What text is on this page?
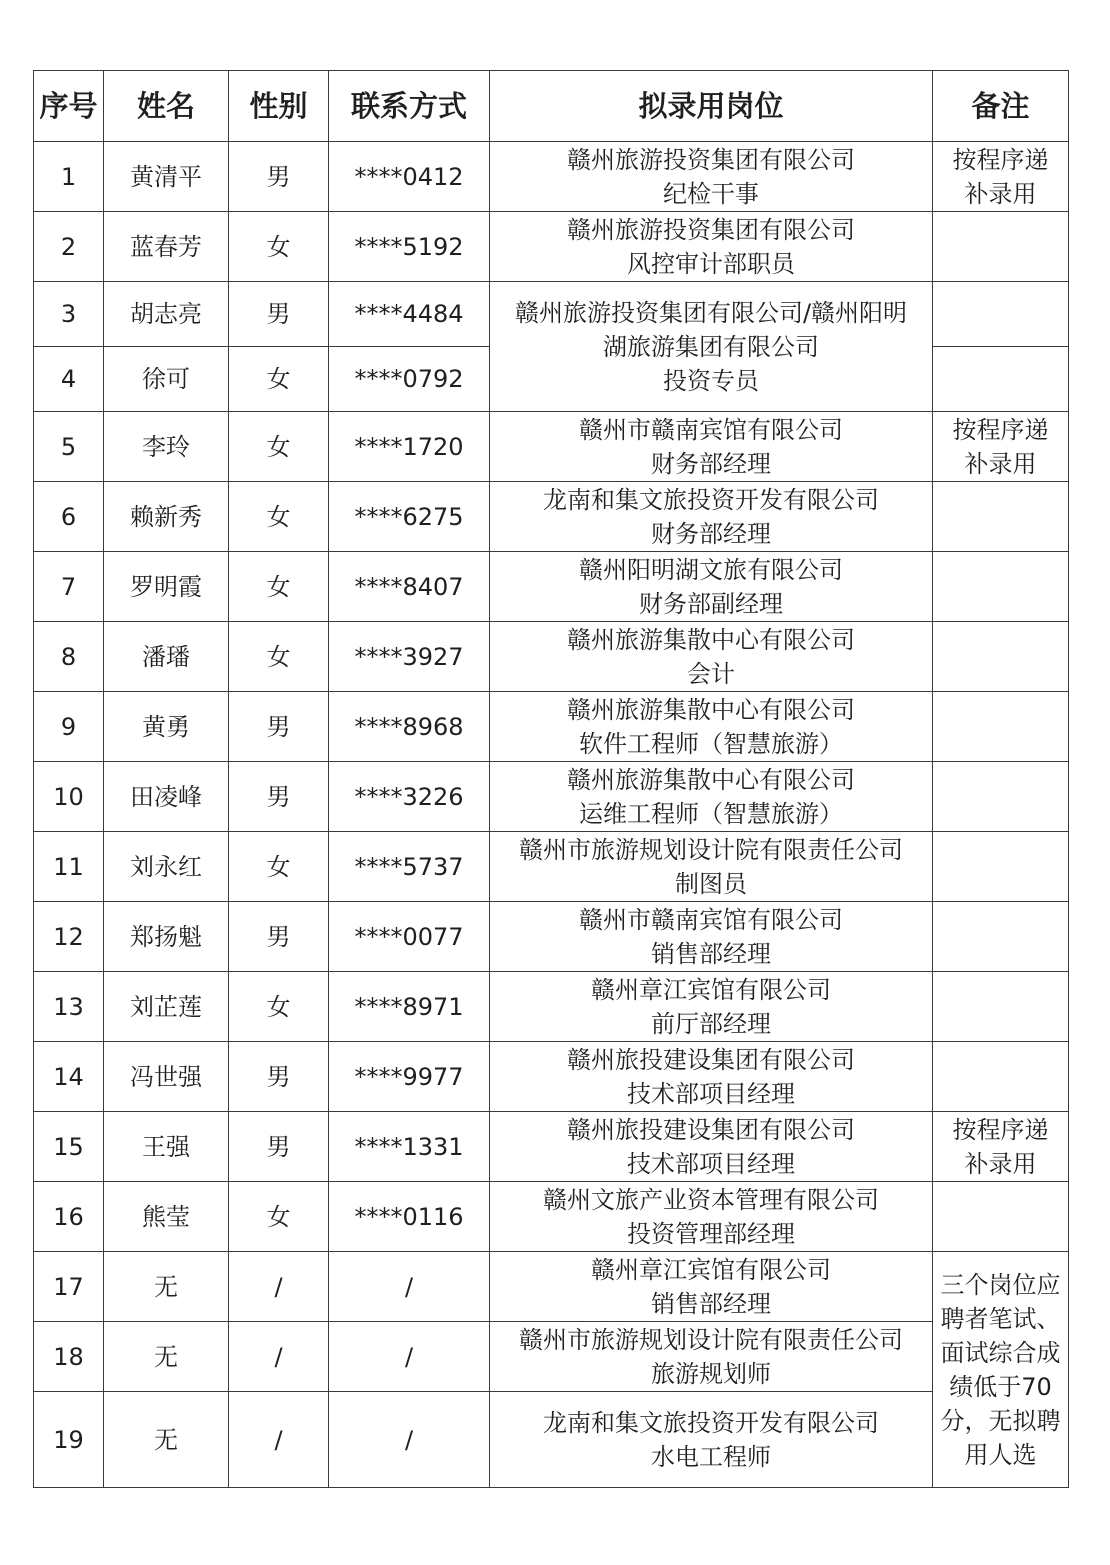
序号	姓名	性别	联系方式	拟录用岗位	备注
1	黄清平	男	****0412	赣州旅游投资集团有限公司
纪检干事	按程序递补录用
2	蓝春芳	女	****5192	赣州旅游投资集团有限公司
风控审计部职员	

3	胡志亮	男	****4484	赣州旅游投资集团有限公司/赣州阳明
湖旅游集团有限公司
投资专员	

4	徐可	女	****0792		
5	李玲	女	****1720	赣州市赣南宾馆有限公司
财务部经理	按程序递补录用
6	赖新秀	女	****6275	龙南和集文旅投资开发有限公司
财务部经理	

7	罗明霞	女	****8407	赣州阳明湖文旅有限公司
财务部副经理	

8	潘璠	女	****3927	赣州旅游集散中心有限公司
会计	

9	黄勇	男	****8968	赣州旅游集散中心有限公司
软件工程师（智慧旅游）	

10	田凌峰	男	****3226	赣州旅游集散中心有限公司
运维工程师（智慧旅游）	

11	刘永红	女	****5737	赣州市旅游规划设计院有限责任公司
制图员	

12	郑扬魁	男	****0077	赣州市赣南宾馆有限公司
销售部经理	

13	刘芷莲	女	****8971	赣州章江宾馆有限公司
前厅部经理	

14	冯世强	男	****9977	赣州旅投建设集团有限公司
技术部项目经理	

15	王强	男	****1331	赣州旅投建设集团有限公司
技术部项目经理	按程序递补录用
16	熊莹	女	****0116	赣州文旅产业资本管理有限公司
投资管理部经理	

17	无	/	/	赣州章江宾馆有限公司
销售部经理	三个岗位应聘者笔试、面试综合成绩低于70分，无拟聘用人选
18	无	/	/	赣州市旅游规划设计院有限责任公司
旅游规划师	

19	无	/	/	龙南和集文旅投资开发有限公司
水电工程师	
